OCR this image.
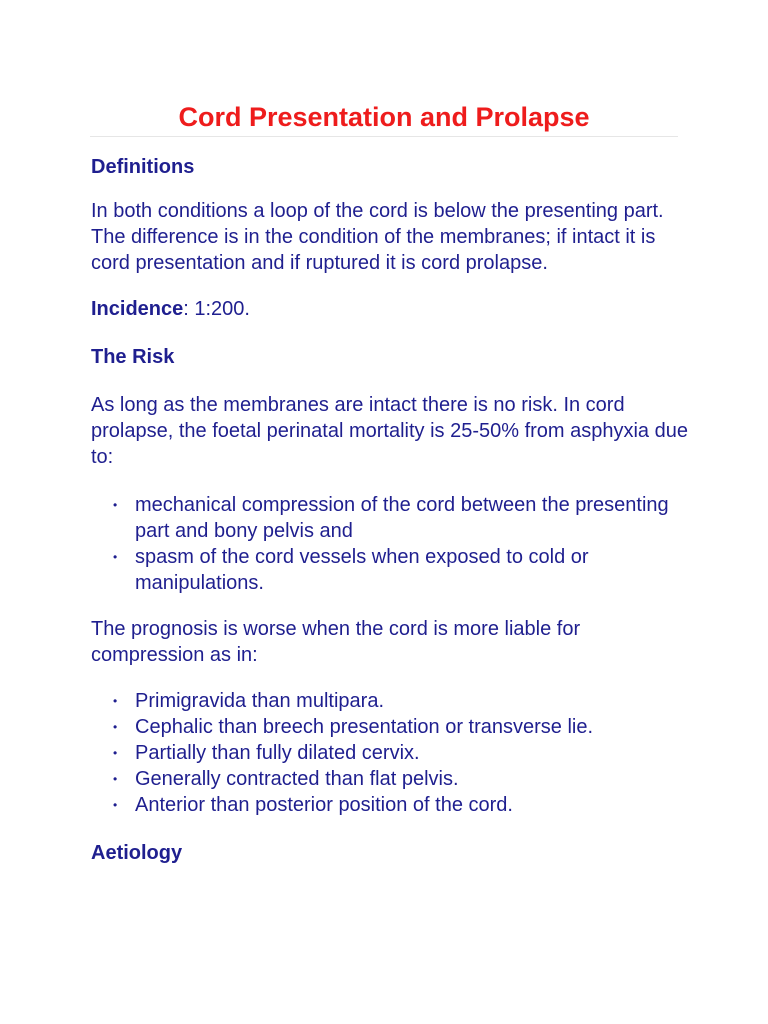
Cord Presentation and Prolapse
Definitions

In both conditions a loop of the cord is below the presenting part. The difference is in the condition of the membranes; if intact it is cord presentation and if ruptured it is cord prolapse.

Incidence: 1:200.

The Risk

As long as the membranes are intact there is no risk. In cord prolapse, the foetal perinatal mortality is 25-50% from asphyxia due to:

• mechanical compression of the cord between the presenting part and bony pelvis and
• spasm of the cord vessels when exposed to cold or manipulations.

The prognosis is worse when the cord is more liable for compression as in:

• Primigravida than multipara.
• Cephalic than breech presentation or transverse lie.
• Partially than fully dilated cervix.
• Generally contracted than flat pelvis.
• Anterior than posterior position of the cord.
Aetiology
